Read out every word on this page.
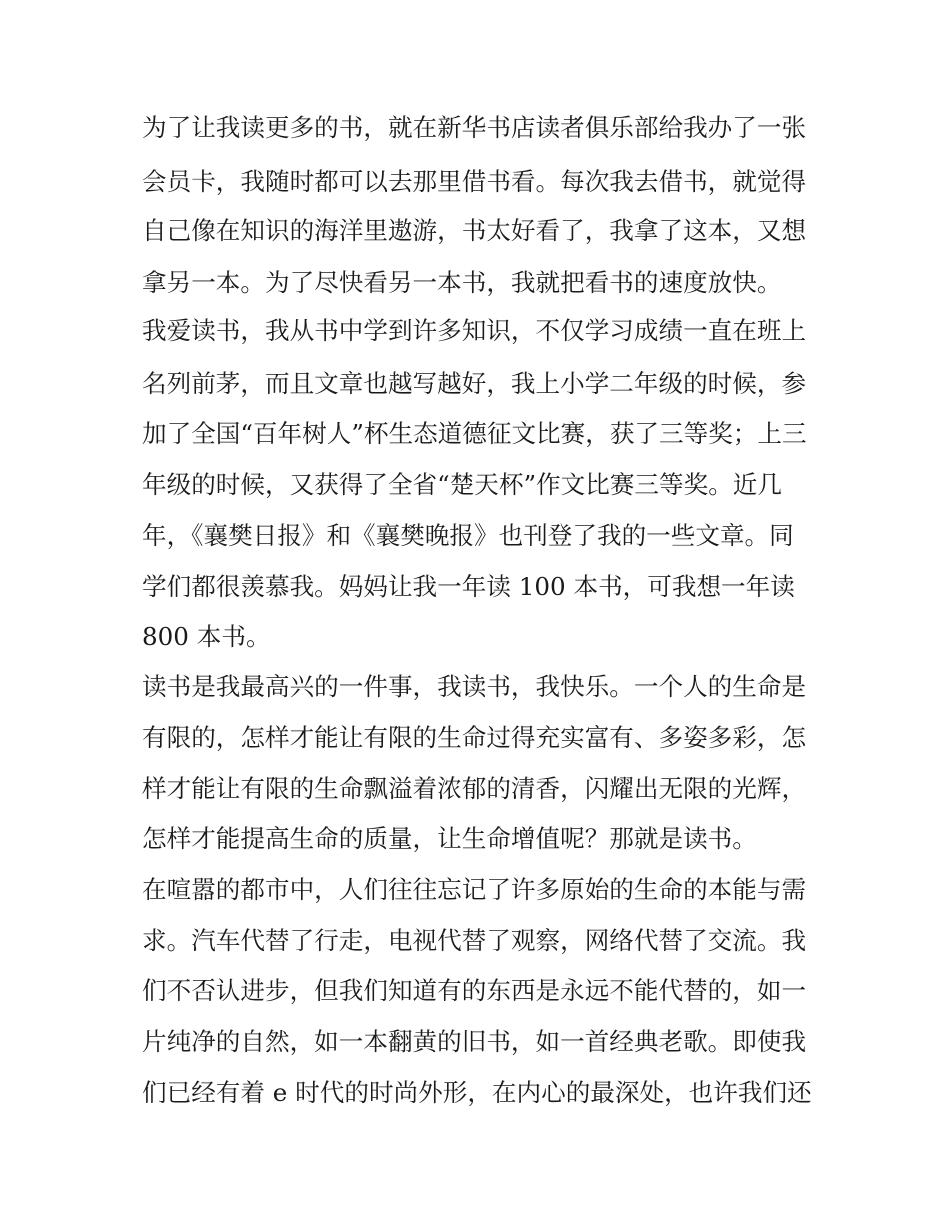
为了让我读更多的书，就在新华书店读者俱乐部给我办了一张
会员卡，我随时都可以去那里借书看。每次我去借书，就觉得
自己像在知识的海洋里遨游，书太好看了，我拿了这本，又想
拿另一本。为了尽快看另一本书，我就把看书的速度放快。
我爱读书，我从书中学到许多知识，不仅学习成绩一直在班上
名列前茅，而且文章也越写越好，我上小学二年级的时候，参
加了全国“百年树人”杯生态道德征文比赛，获了三等奖；上三
年级的时候，又获得了全省“楚天杯”作文比赛三等奖。近几
年，《襄樊日报》和《襄樊晚报》也刊登了我的一些文章。同
学们都很羡慕我。妈妈让我一年读 100 本书，可我想一年读
800 本书。
读书是我最高兴的一件事，我读书，我快乐。一个人的生命是
有限的，怎样才能让有限的生命过得充实富有、多姿多彩，怎
样才能让有限的生命飘溢着浓郁的清香，闪耀出无限的光辉，
怎样才能提高生命的质量，让生命增值呢？那就是读书。
在喧嚣的都市中，人们往往忘记了许多原始的生命的本能与需
求。汽车代替了行走，电视代替了观察，网络代替了交流。我
们不否认进步，但我们知道有的东西是永远不能代替的，如一
片纯净的自然，如一本翻黄的旧书，如一首经典老歌。即使我
们已经有着 e 时代的时尚外形，在内心的最深处，也许我们还
